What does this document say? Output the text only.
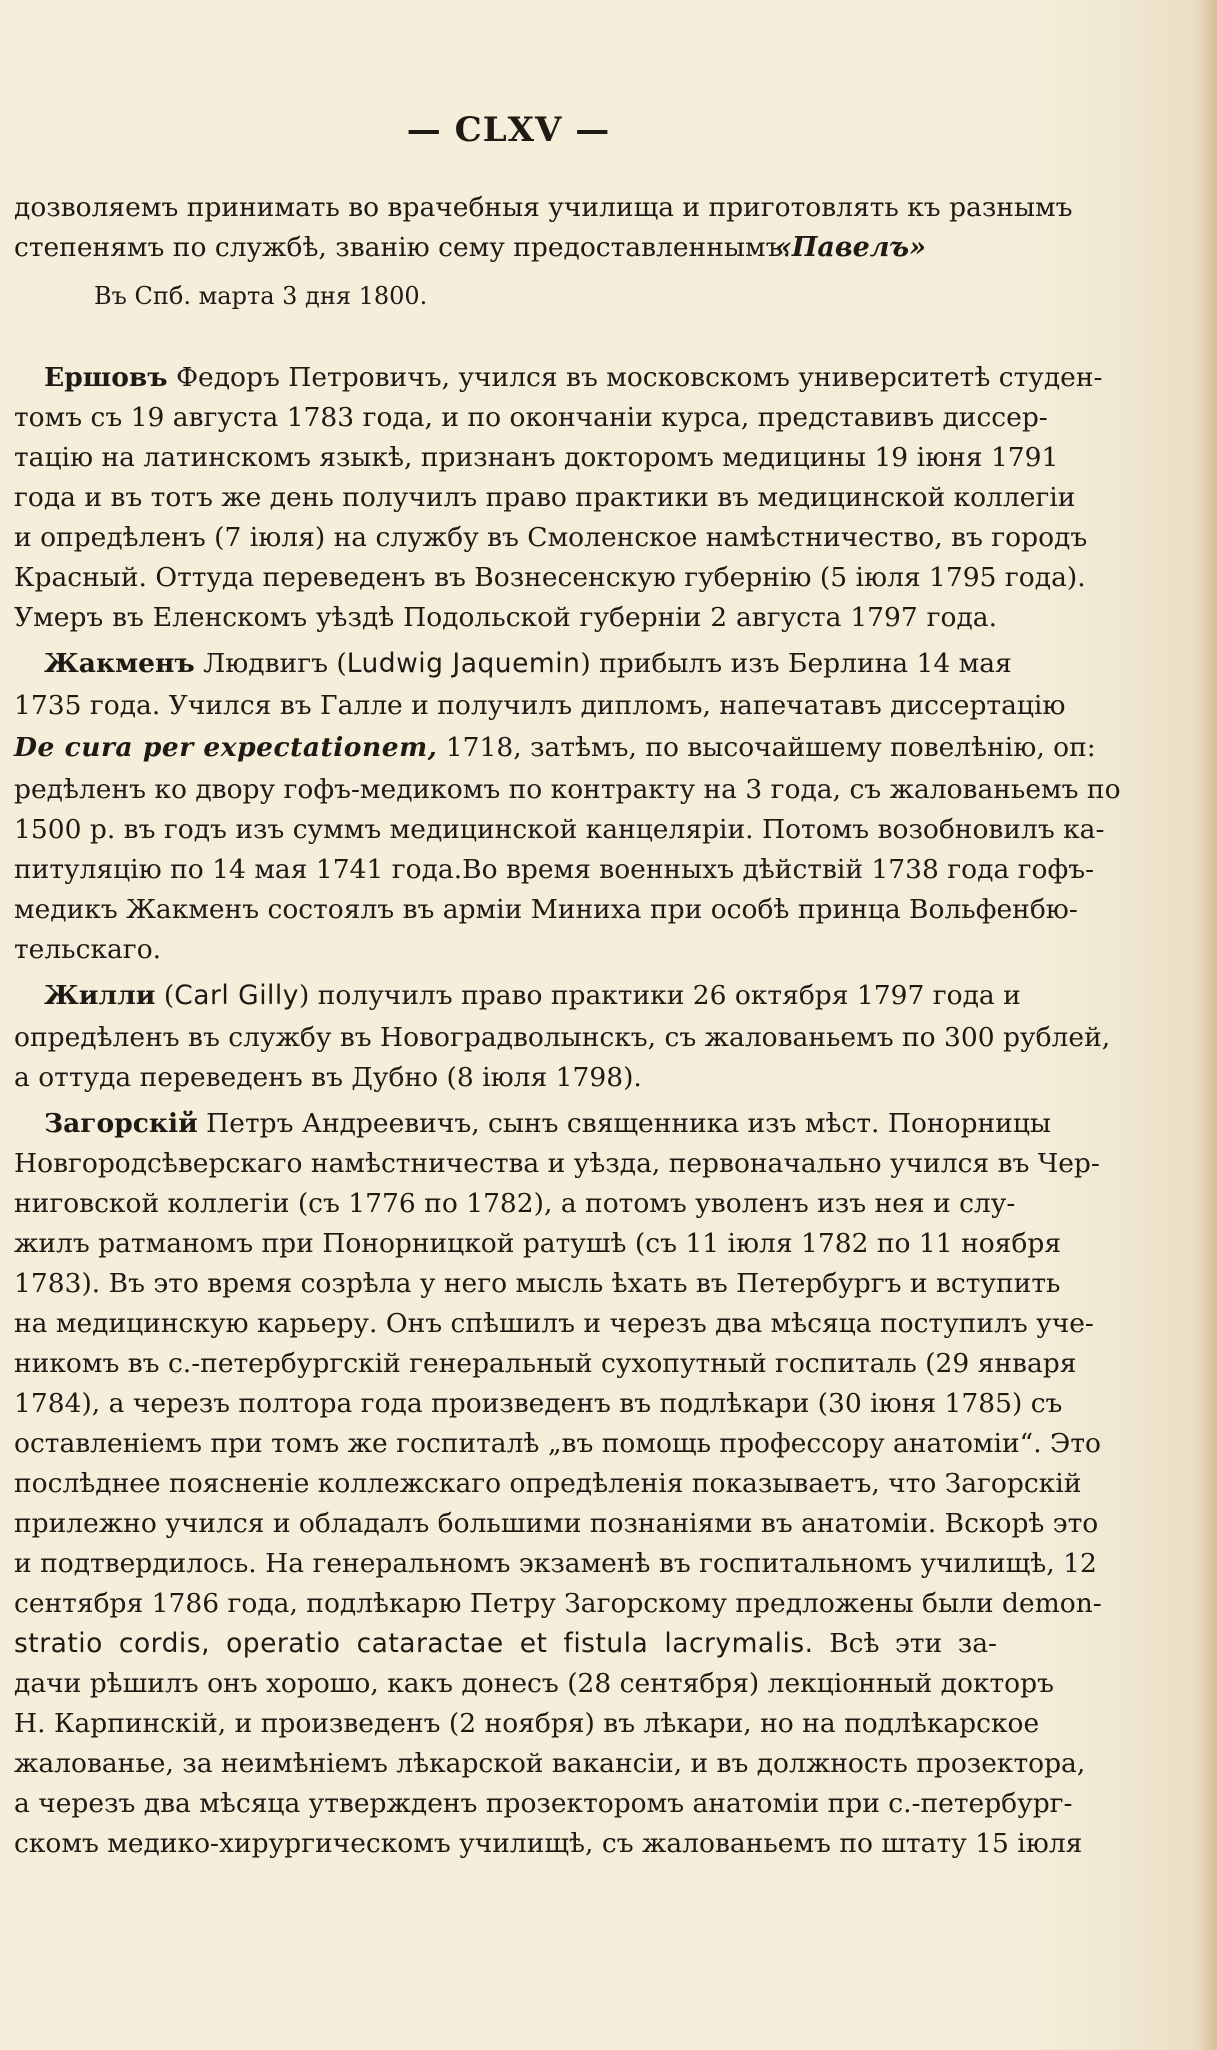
— CLXV —
дозволяемъ принимать во врачебныя училища и приготовлять къ разнымъ
степенямъ по службѣ, званію сему предоставленнымъ.
«Павелъ»
Въ Спб. марта 3 дня 1800.
Ершовъ Федоръ Петровичъ, учился въ московскомъ университетѣ студен-
томъ съ 19 августа 1783 года, и по окончаніи курса, представивъ диссер-
тацію на латинскомъ языкѣ, признанъ докторомъ медицины 19 іюня 1791
года и въ тотъ же день получилъ право практики въ медицинской коллегіи
и опредѣленъ (7 іюля) на службу въ Смоленское намѣстничество, въ городъ
Красный. Оттуда переведенъ въ Вознесенскую губернію (5 іюля 1795 года).
Умеръ въ Еленскомъ уѣздѣ Подольской губерніи 2 августа 1797 года.
Жакменъ Людвигъ (Ludwig Jaquemin) прибылъ изъ Берлина 14 мая
1735 года. Учился въ Галле и получилъ дипломъ, напечатавъ диссертацію
De cura per expectationem, 1718, затѣмъ, по высочайшему повелѣнію, оп:
редѣленъ ко двору гофъ-медикомъ по контракту на 3 года, съ жалованьемъ по
1500 р. въ годъ изъ суммъ медицинской канцеляріи. Потомъ возобновилъ ка-
питуляцію по 14 мая 1741 года.Во время военныхъ дѣйствій 1738 года гофъ-
медикъ Жакменъ состоялъ въ арміи Миниха при особѣ принца Вольфенбю-
тельскаго.
Жилли (Carl Gilly) получилъ право практики 26 октября 1797 года и
опредѣленъ въ службу въ Новоградволынскъ, съ жалованьемъ по 300 рублей,
а оттуда переведенъ въ Дубно (8 іюля 1798).
Загорскій Петръ Андреевичъ, сынъ священника изъ мѣст. Понорницы
Новгородсѣверскаго намѣстничества и уѣзда, первоначально учился въ Чер-
ниговской коллегіи (съ 1776 по 1782), а потомъ уволенъ изъ нея и слу-
жилъ ратманомъ при Понорницкой ратушѣ (съ 11 іюля 1782 по 11 ноября
1783). Въ это время созрѣла у него мысль ѣхать въ Петербургъ и вступить
на медицинскую карьеру. Онъ спѣшилъ и черезъ два мѣсяца поступилъ уче-
никомъ въ с.-петербургскій генеральный сухопутный госпиталь (29 января
1784), а черезъ полтора года произведенъ въ подлѣкари (30 іюня 1785) съ
оставленіемъ при томъ же госпиталѣ „въ помощь профессору анатоміи“. Это
послѣднее поясненіе коллежскаго опредѣленія показываетъ, что Загорскій
прилежно учился и обладалъ большими познаніями въ анатоміи. Вскорѣ это
и подтвердилось. На генеральномъ экзаменѣ въ госпитальномъ училищѣ, 12
сентября 1786 года, подлѣкарю Петру Загорскому предложены были demon-
stratio cordis, operatio cataractae et fistula lacrymalis. Всѣ эти за-
дачи рѣшилъ онъ хорошо, какъ донесъ (28 сентября) лекціонный докторъ
Н. Карпинскій, и произведенъ (2 ноября) въ лѣкари, но на подлѣкарское
жалованье, за неимѣніемъ лѣкарской вакансіи, и въ должность прозектора,
а черезъ два мѣсяца утвержденъ прозекторомъ анатоміи при с.-петербург-
скомъ медико-хирургическомъ училищѣ, съ жалованьемъ по штату 15 іюля
